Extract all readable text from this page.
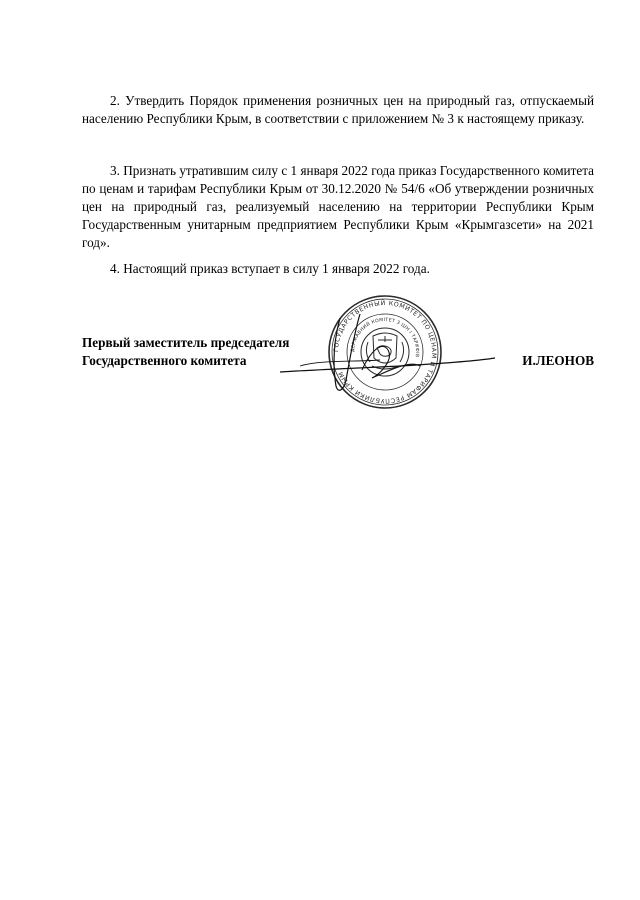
2. Утвердить Порядок применения розничных цен на природный газ, отпускаемый населению Республики Крым, в соответствии с приложением № 3 к настоящему приказу.

3. Признать утратившим силу с 1 января 2022 года приказ Государственного комитета по ценам и тарифам Республики Крым от 30.12.2020 № 54/6 «Об утверждении розничных цен на природный газ, реализуемый населению на территории Республики Крым Государственным унитарным предприятием Республики Крым «Крымгазсети» на 2021 год».

4. Настоящий приказ вступает в силу 1 января 2022 года.

Первый заместитель председателя

Государственного комитета	И.ЛЕОНОВ

ГОСУДАРСТВЕННЫЙ КОМИТЕТ ПО ЦЕНАМ И ТАРИФАМ РЕСПУБЛИКИ КРЫМ
ДЕРЖАВНИЙ КОМІТЕТ З ЦІН І ТАРИФІВ
